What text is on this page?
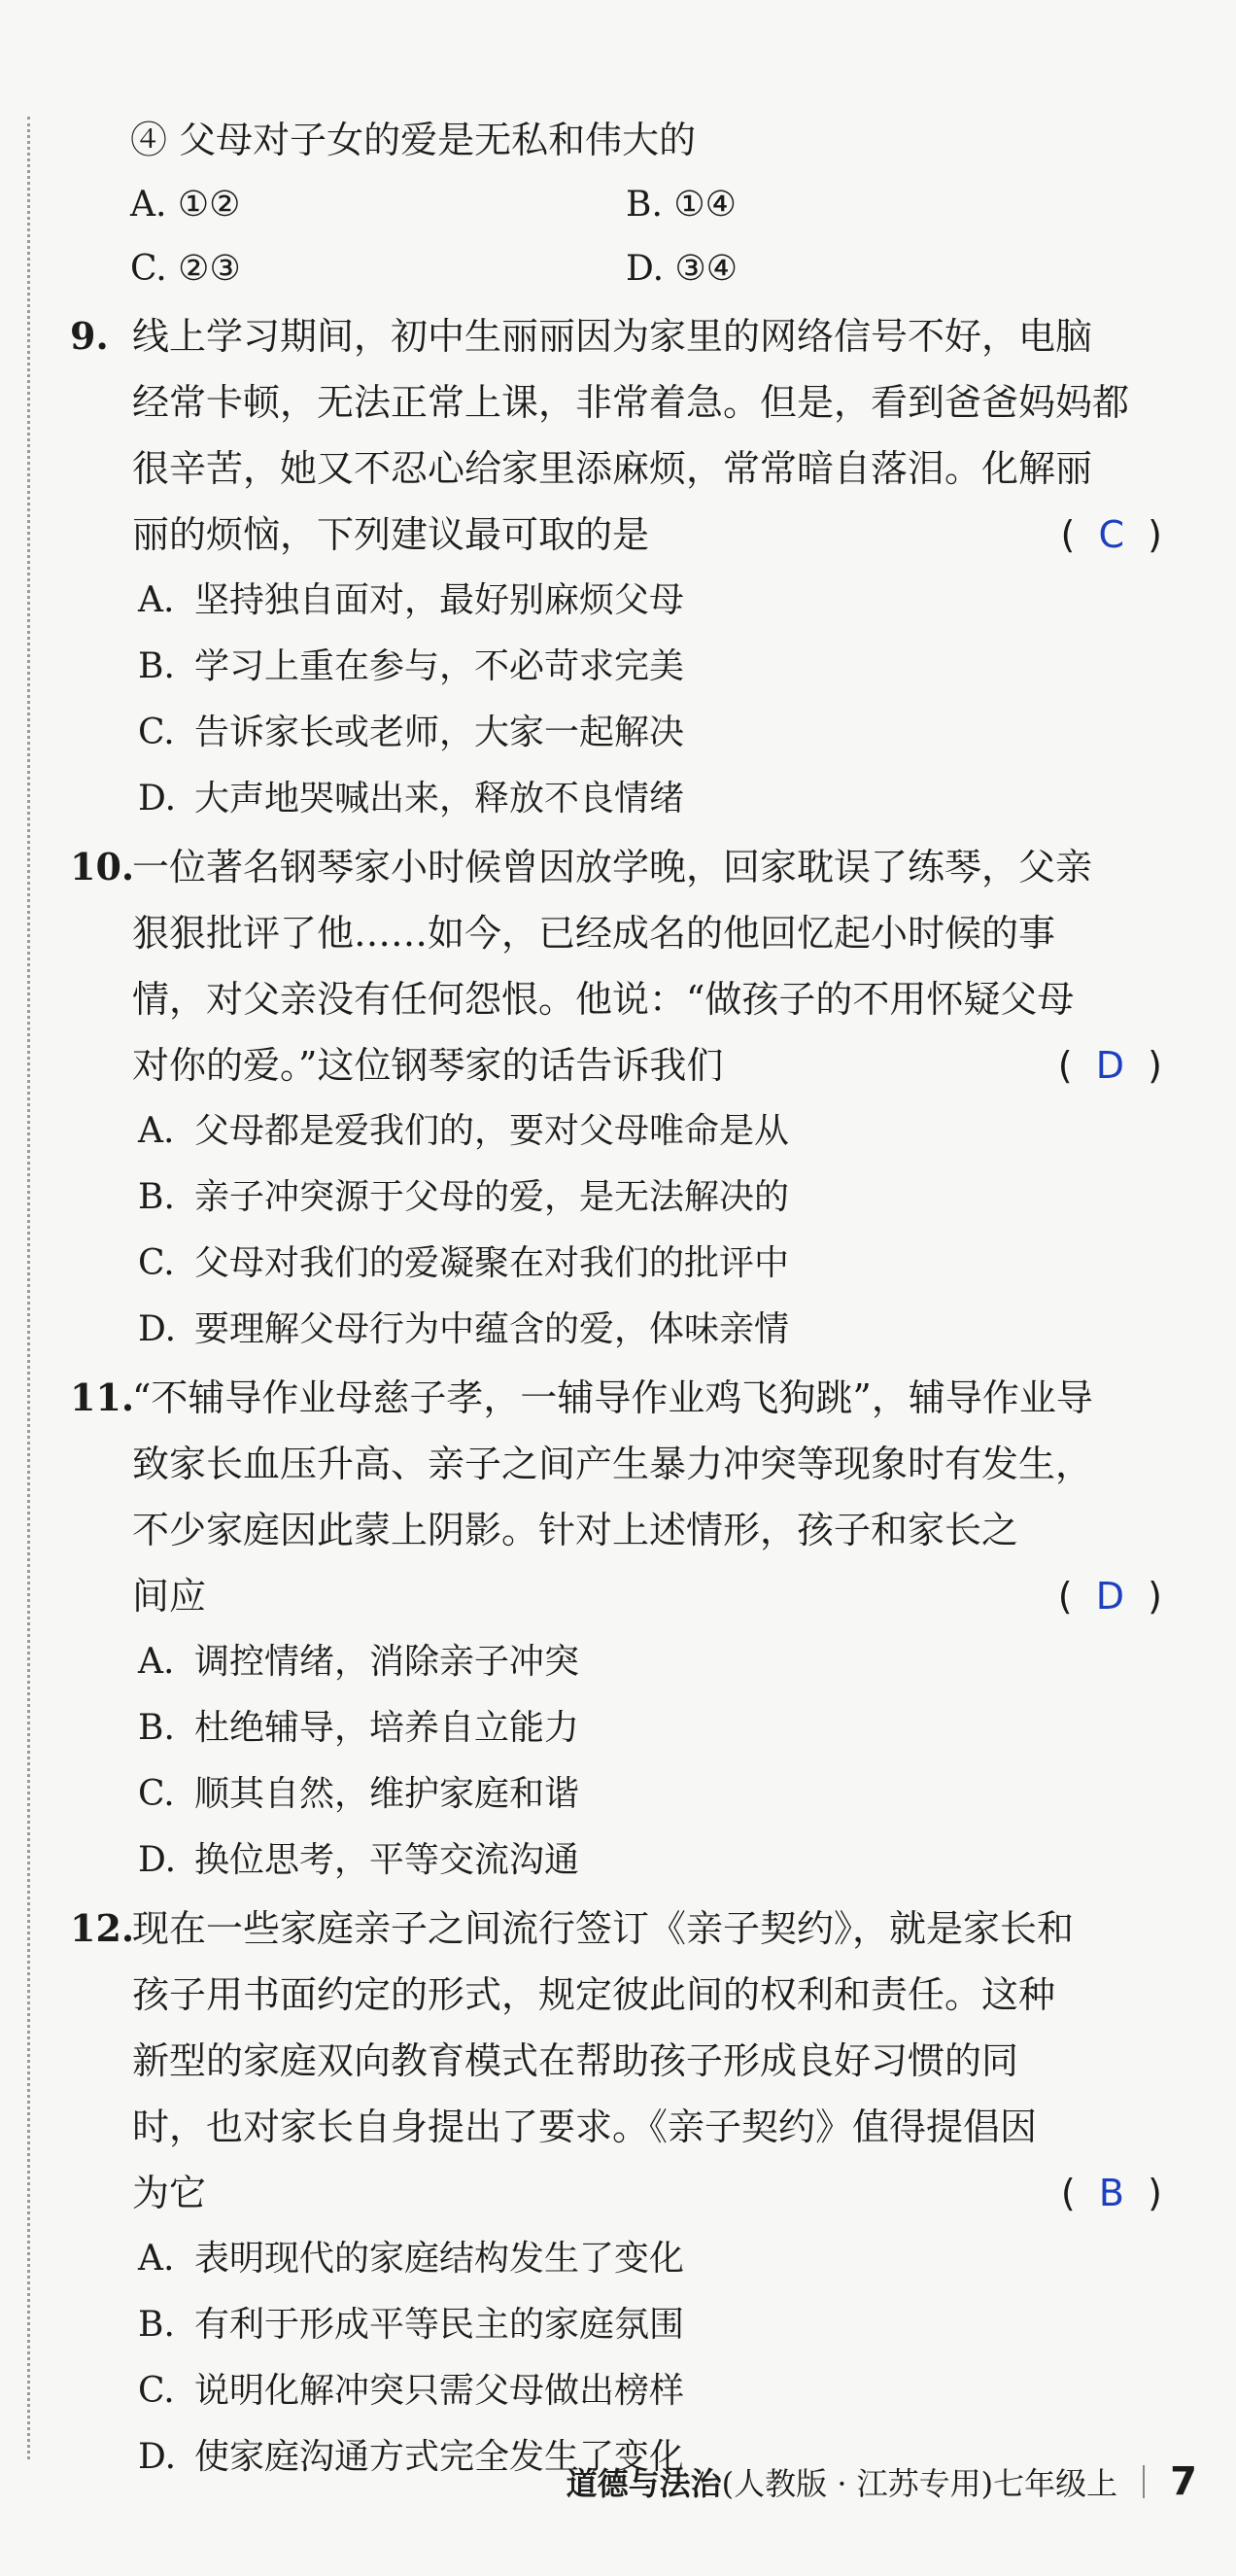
④ 父母对子女的爱是无私和伟大的
A. ①②	B. ①④
C. ②③	D. ③④
9. 线上学习期间，初中生丽丽因为家里的网络信号不好，电脑
经常卡顿，无法正常上课，非常着急。但是，看到爸爸妈妈都
很辛苦，她又不忍心给家里添麻烦，常常暗自落泪。化解丽
丽的烦恼，下列建议最可取的是	( C )
A. 坚持独自面对，最好别麻烦父母
B. 学习上重在参与，不必苛求完美
C. 告诉家长或老师，大家一起解决
D. 大声地哭喊出来，释放不良情绪
10.
一位著名钢琴家小时候曾因放学晚，回家耽误了练琴，父亲
狠狠批评了他……如今，已经成名的他回忆起小时候的事
情，对父亲没有任何怨恨。他说：“做孩子的不用怀疑父母
对你的爱。”这位钢琴家的话告诉我们	( D )
A. 父母都是爱我们的，要对父母唯命是从
B. 亲子冲突源于父母的爱，是无法解决的
C. 父母对我们的爱凝聚在对我们的批评中
D. 要理解父母行为中蕴含的爱，体味亲情
11.
“不辅导作业母慈子孝，一辅导作业鸡飞狗跳”，辅导作业导
致家长血压升高、亲子之间产生暴力冲突等现象时有发生，
不少家庭因此蒙上阴影。针对上述情形，孩子和家长之
间应	( D )
A. 调控情绪，消除亲子冲突
B. 杜绝辅导，培养自立能力
C. 顺其自然，维护家庭和谐
D. 换位思考，平等交流沟通
12.
现在一些家庭亲子之间流行签订《亲子契约》，就是家长和
孩子用书面约定的形式，规定彼此间的权利和责任。这种
新型的家庭双向教育模式在帮助孩子形成良好习惯的同
时，也对家长自身提出了要求。《亲子契约》值得提倡因
为它	( B )
A. 表明现代的家庭结构发生了变化
B. 有利于形成平等民主的家庭氛围
C. 说明化解冲突只需父母做出榜样
D. 使家庭沟通方式完全发生了变化
道德与法治(人教版 · 江苏专用)七年级上 7
